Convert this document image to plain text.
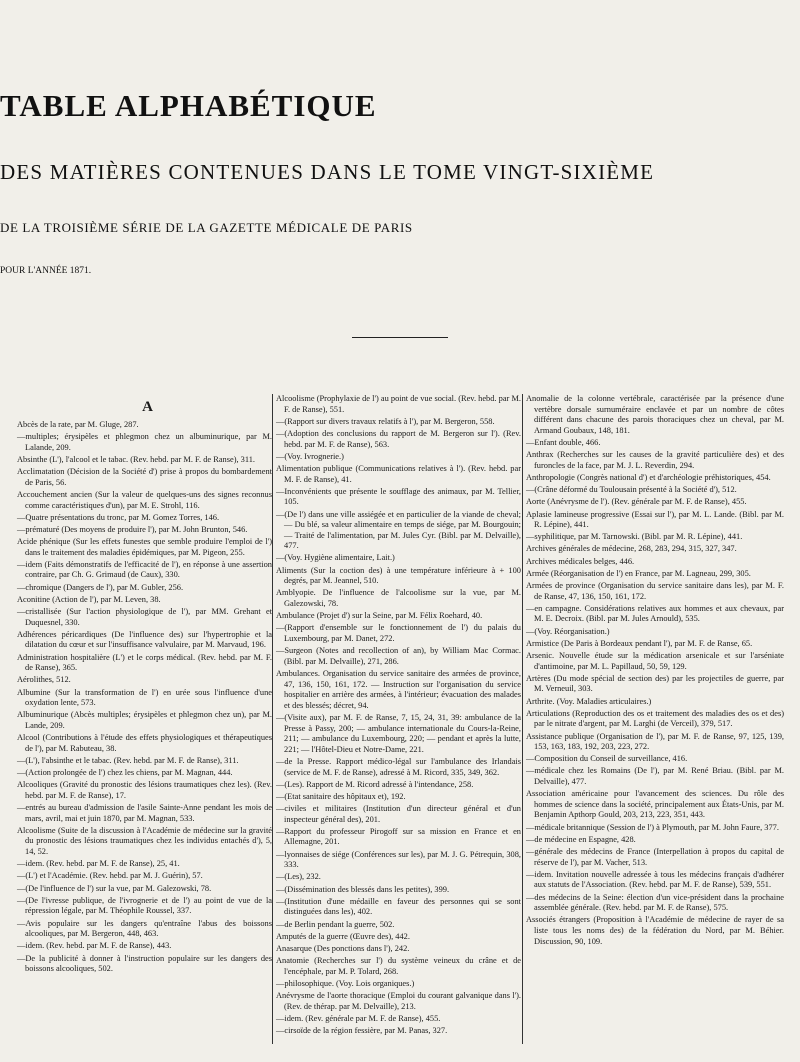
TABLE ALPHABÉTIQUE
DES MATIÈRES CONTENUES DANS LE TOME VINGT-SIXIÈME
DE LA TROISIÈME SÉRIE DE LA GAZETTE MÉDICALE DE PARIS
POUR L'ANNÉE 1871.
A

Abcès de la rate, par M. Gluge, 287.

—multiples; érysipèles et phlegmon chez un albuminurique, par M. Lalande, 209.

Absinthe (L'), l'alcool et le tabac. (Rev. hebd. par M. F. de Ranse), 311.

Acclimatation (Décision de la Société d') prise à propos du bombardement de Paris, 56.

Accouchement ancien (Sur la valeur de quelques-uns des signes reconnus comme caractéristiques d'un), par M. E. Strohl, 116.

—Quatre présentations du tronc, par M. Gomez Torres, 146.

—prématuré (Des moyens de produire l'), par M. John Brunton, 546.

Acide phénique (Sur les effets funestes que semble produire l'emploi de l') dans le traitement des maladies épidémiques, par M. Pigeon, 255.

—idem (Faits démonstratifs de l'efficacité de l'), en réponse à une assertion contraire, par Ch. G. Grimaud (de Caux), 330.

—chromique (Dangers de l'), par M. Gubler, 256.

Aconitine (Action de l'), par M. Leven, 38.

—cristallisée (Sur l'action physiologique de l'), par MM. Grehant et Duquesnel, 330.

Adhérences péricardiques (De l'influence des) sur l'hypertrophie et la dilatation du cœur et sur l'insuffisance valvulaire, par M. Marvaud, 196.

Administration hospitalière (L') et le corps médical. (Rev. hebd. par M. F. de Ranse), 365.

Aérolithes, 512.

Albumine (Sur la transformation de l') en urée sous l'influence d'une oxydation lente, 573.

Albuminurique (Abcès multiples; érysipèles et phlegmon chez un), par M. Lande, 209.

Alcool (Contributions à l'étude des effets physiologiques et thérapeutiques de l'), par M. Rabuteau, 38.

—(L'), l'absinthe et le tabac. (Rev. hebd. par M. F. de Ranse), 311.

—(Action prolongée de l') chez les chiens, par M. Magnan, 444.

Alcooliques (Gravité du pronostic des lésions traumatiques chez les). (Rev. hebd. par M. F. de Ranse), 17.

—entrés au bureau d'admission de l'asile Sainte-Anne pendant les mois de mars, avril, mai et juin 1870, par M. Magnan, 533.

Alcoolisme (Suite de la discussion à l'Académie de médecine sur la gravité du pronostic des lésions traumatiques chez les individus entachés d'), 5, 14, 52.

—idem. (Rev. hebd. par M. F. de Ranse), 25, 41.

—(L') et l'Académie. (Rev. hebd. par M. J. Guérin), 57.

—(De l'influence de l') sur la vue, par M. Galezowski, 78.

—(De l'ivresse publique, de l'ivrognerie et de l') au point de vue de la répression légale, par M. Théophile Roussel, 337.

—Avis populaire sur les dangers qu'entraîne l'abus des boissons alcooliques, par M. Bergeron, 448, 463.

—idem. (Rev. hebd. par M. F. de Ranse), 443.

—De la publicité à donner à l'instruction populaire sur les dangers des boissons alcooliques, 502.

Alcoolisme (Prophylaxie de l') au point de vue social. (Rev. hebd. par M. F. de Ranse), 551.

—(Rapport sur divers travaux relatifs à l'), par M. Bergeron, 558.

—(Adoption des conclusions du rapport de M. Bergeron sur l'). (Rev. hebd. par M. F. de Ranse), 563.

—(Voy. Ivrognerie.)

Alimentation publique (Communications relatives à l'). (Rev. hebd. par M. F. de Ranse), 41.

—Inconvénients que présente le soufflage des animaux, par M. Tellier, 105.

—(De l') dans une ville assiégée et en particulier de la viande de cheval; — Du blé, sa valeur alimentaire en temps de siége, par M. Bourgouin; — Traité de l'alimentation, par M. Jules Cyr. (Bibl. par M. Delvaille), 477.

—(Voy. Hygiène alimentaire, Lait.)

Aliments (Sur la coction des) à une température inférieure à + 100 degrés, par M. Jeannel, 510.

Amblyopie. De l'influence de l'alcoolisme sur la vue, par M. Galezowski, 78.

Ambulance (Projet d') sur la Seine, par M. Félix Roehard, 40.

—(Rapport d'ensemble sur le fonctionnement de l') du palais du Luxembourg, par M. Danet, 272.

—Surgeon (Notes and recollection of an), by William Mac Cormac. (Bibl. par M. Delvaille), 271, 286.

Ambulances. Organisation du service sanitaire des armées de province, 47, 136, 150, 161, 172. — Instruction sur l'organisation du service hospitalier en arrière des armées, à l'intérieur; évacuation des malades et des blessés; décret, 94.

—(Visite aux), par M. F. de Ranse, 7, 15, 24, 31, 39: ambulance de la Presse à Passy, 200; — ambulance internationale du Cours-la-Reine, 211; — ambulance du Luxembourg, 220; — pendant et après la lutte, 221; — l'Hôtel-Dieu et Notre-Dame, 221.

—de la Presse. Rapport médico-légal sur l'ambulance des Irlandais (service de M. F. de Ranse), adressé à M. Ricord, 335, 349, 362.

—(Les). Rapport de M. Ricord adressé à l'intendance, 258.

—(Etat sanitaire des hôpitaux et), 192.

—civiles et militaires (Institution d'un directeur général et d'un inspecteur général des), 201.

—Rapport du professeur Pirogoff sur sa mission en France et en Allemagne, 201.

—lyonnaises de siége (Conférences sur les), par M. J. G. Pétrequin, 308, 333.

—(Les), 232.

—(Dissémination des blessés dans les petites), 399.

—(Institution d'une médaille en faveur des personnes qui se sont distinguées dans les), 402.

—de Berlin pendant la guerre, 502.

Amputés de la guerre (Œuvre des), 442.

Anasarque (Des ponctions dans l'), 242.

Anatomie (Recherches sur l') du système veineux du crâne et de l'encéphale, par M. P. Tolard, 268.

—philosophique. (Voy. Lois organiques.)

Anévrysme de l'aorte thoracique (Emploi du courant galvanique dans l'). (Rev. de thérap. par M. Delvaille), 213.

—idem. (Rev. générale par M. F. de Ranse), 455.

—cirsoïde de la région fessière, par M. Panas, 327.

Anomalie de la colonne vertébrale, caractérisée par la présence d'une vertèbre dorsale surnuméraire enclavée et par un nombre de côtes différent dans chacune des parois thoraciques chez un cheval, par M. Armand Goubaux, 148, 181.

—Enfant double, 466.

Anthrax (Recherches sur les causes de la gravité particulière des) et des furoncles de la face, par M. J. L. Reverdin, 294.

Anthropologie (Congrès national d') et d'archéologie préhistoriques, 454.

—(Crâne déformé du Toulousain présenté à la Société d'), 512.

Aorte (Anévrysme de l'). (Rev. générale par M. F. de Ranse), 455.

Aplasie lamineuse progressive (Essai sur l'), par M. L. Lande. (Bibl. par M. R. Lépine), 441.

—syphilitique, par M. Tarnowski. (Bibl. par M. R. Lépine), 441.

Archives générales de médecine, 268, 283, 294, 315, 327, 347.

Archives médicales belges, 446.

Armée (Réorganisation de l') en France, par M. Lagneau, 299, 305.

Armées de province (Organisation du service sanitaire dans les), par M. F. de Ranse, 47, 136, 150, 161, 172.

—en campagne. Considérations relatives aux hommes et aux chevaux, par M. E. Decroix. (Bibl. par M. Jules Arnould), 535.

—(Voy. Réorganisation.)

Armistice (De Paris à Bordeaux pendant l'), par M. F. de Ranse, 65.

Arsenic. Nouvelle étude sur la médication arsenicale et sur l'arséniate d'antimoine, par M. L. Papillaud, 50, 59, 129.

Artères (Du mode spécial de section des) par les projectiles de guerre, par M. Verneuil, 303.

Arthrite. (Voy. Maladies articulaires.)

Articulations (Reproduction des os et traitement des maladies des os et des) par le nitrate d'argent, par M. Larghi (de Verceil), 379, 517.

Assistance publique (Organisation de l'), par M. F. de Ranse, 97, 125, 139, 153, 163, 183, 192, 203, 223, 272.

—Composition du Conseil de surveillance, 416.

—médicale chez les Romains (De l'), par M. René Briau. (Bibl. par M. Delvaille), 477.

Association américaine pour l'avancement des sciences. Du rôle des hommes de science dans la société, principalement aux États-Unis, par M. Benjamin Apthorp Gould, 203, 213, 223, 351, 443.

—médicale britannique (Session de l') à Plymouth, par M. John Faure, 377.

—de médecine en Espagne, 428.

—générale des médecins de France (Interpellation à propos du capital de réserve de l'), par M. Vacher, 513.

—idem. Invitation nouvelle adressée à tous les médecins français d'adhérer aux statuts de l'Association. (Rev. hebd. par M. F. de Ranse), 539, 551.

—des médecins de la Seine: élection d'un vice-président dans la prochaine assemblée générale. (Rev. hebd. par M. F. de Ranse), 575.

Associés étrangers (Proposition à l'Académie de médecine de rayer de sa liste tous les noms des) de la fédération du Nord, par M. Béhier. Discussion, 90, 109.
